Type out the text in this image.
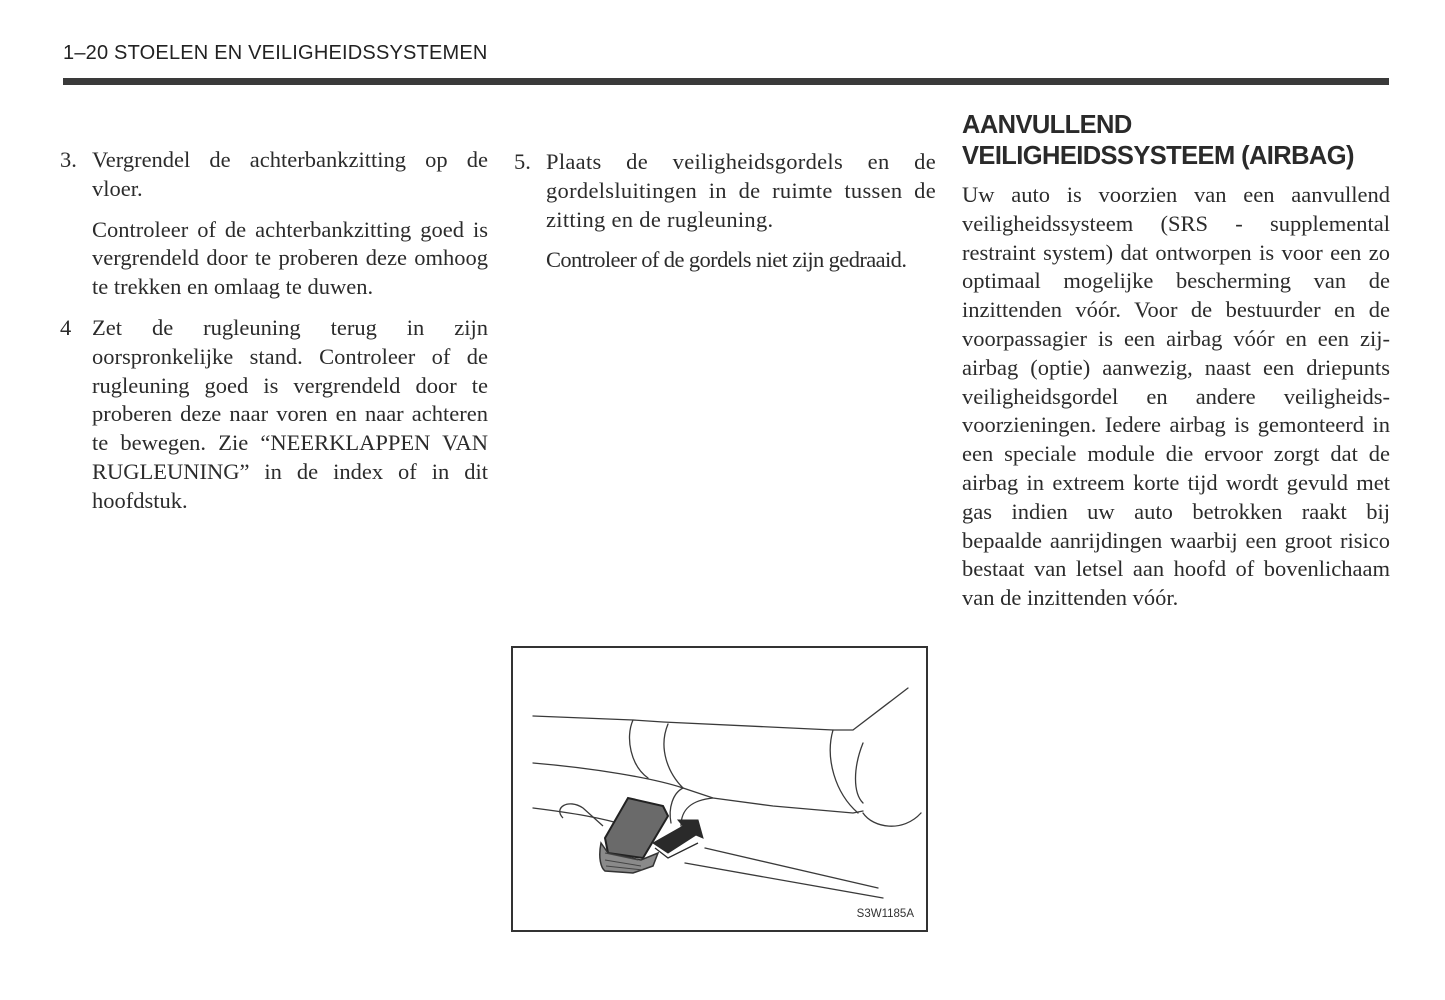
1–20 STOELEN EN VEILIGHEIDSSYSTEMEN
3. Vergrendel de achterbankzitting op de vloer.
Controleer of de achterbankzitting goed is vergrendeld door te proberen deze omhoog te trekken en omlaag te duwen.
4 Zet de rugleuning terug in zijn oorspronkelijke stand. Controleer of de rugleuning goed is vergrendeld door te proberen deze naar voren en naar achteren te bewegen. Zie “NEERKLAPPEN VAN RUGLEUNING” in de index of in dit hoofdstuk.
5. Plaats de veiligheidsgordels en de gordelsluitingen in de ruimte tussen de zitting en de rugleuning.
Controleer of de gordels niet zijn gedraaid.
AANVULLEND
VEILIGHEIDSSYSTEEM (AIRBAG)
Uw auto is voorzien van een aanvullend veiligheidssysteem (SRS - supplemental restraint system) dat ontworpen is voor een zo optimaal mogelijke bescherming van de inzittenden vóór. Voor de bestuurder en de voorpassagier is een airbag vóór en een zij-airbag (optie) aanwezig, naast een driepunts veiligheidsgordel en andere veiligheids-voorzieningen. Iedere airbag is gemonteerd in een speciale module die ervoor zorgt dat de airbag in extreem korte tijd wordt gevuld met gas indien uw auto betrokken raakt bij bepaalde aanrijdingen waarbij een groot risico bestaat van letsel aan hoofd of bovenlichaam van de inzittenden vóór.
S3W1185A
